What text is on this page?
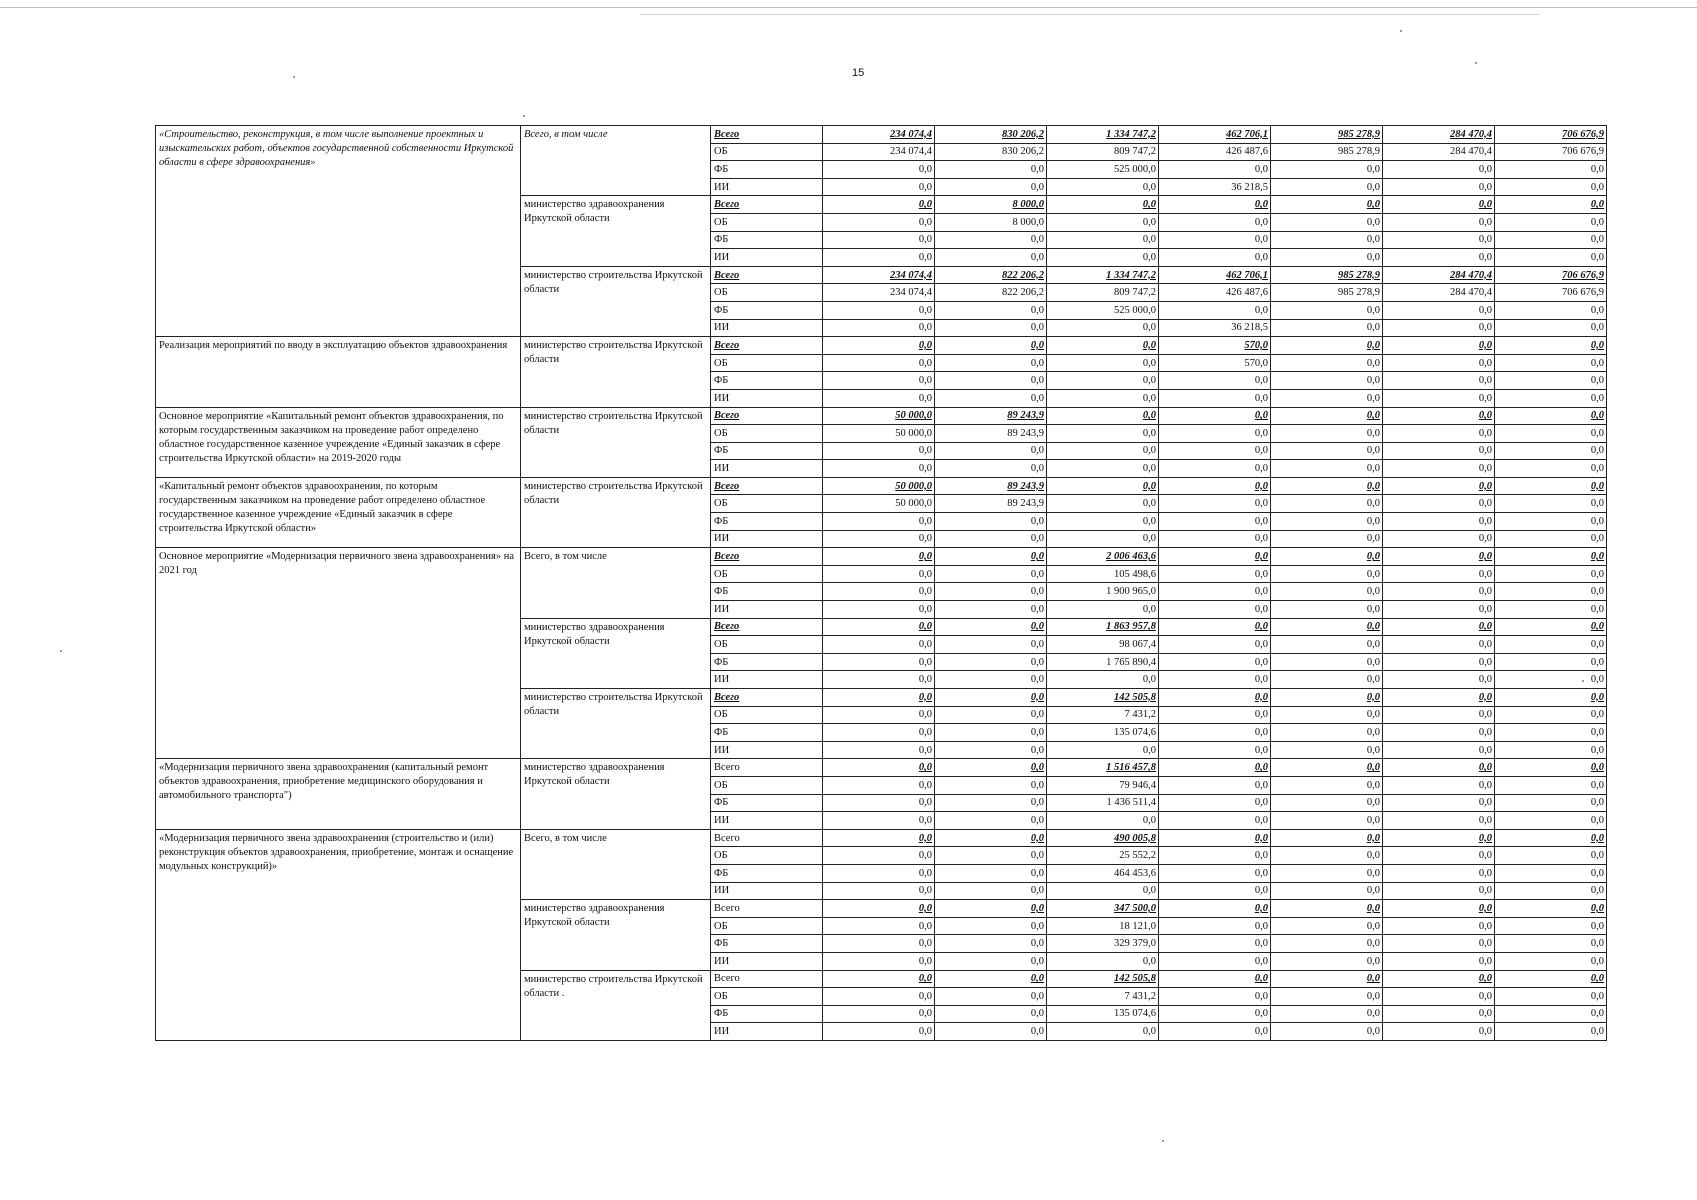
15
«Строительство, реконструкция, в том числе выполнение проектных и изыскательских работ, объектов государственной собственности Иркутской области в сфере здравоохранения»	Всего, в том числе	Всего	234 074,4	830 206,2	1 334 747,2	462 706,1	985 278,9	284 470,4	706 676,9
		ОБ	234 074,4	830 206,2	809 747,2	426 487,6	985 278,9	284 470,4	706 676,9
		ФБ	0,0	0,0	525 000,0	0,0	0,0	0,0	0,0
		ИИ	0,0	0,0	0,0	36 218,5	0,0	0,0	0,0
	министерство здравоохранения Иркутской области	Всего	0,0	8 000,0	0,0	0,0	0,0	0,0	0,0
		ОБ	0,0	8 000,0	0,0	0,0	0,0	0,0	0,0
		ФБ	0,0	0,0	0,0	0,0	0,0	0,0	0,0
		ИИ	0,0	0,0	0,0	0,0	0,0	0,0	0,0
	министерство строительства Иркутской области	Всего	234 074,4	822 206,2	1 334 747,2	462 706,1	985 278,9	284 470,4	706 676,9
		ОБ	234 074,4	822 206,2	809 747,2	426 487,6	985 278,9	284 470,4	706 676,9
		ФБ	0,0	0,0	525 000,0	0,0	0,0	0,0	0,0
		ИИ	0,0	0,0	0,0	36 218,5	0,0	0,0	0,0
Реализация мероприятий по вводу в эксплуатацию объектов здравоохранения	министерство строительства Иркутской области	Всего	0,0	0,0	0,0	570,0	0,0	0,0	0,0
		ОБ	0,0	0,0	0,0	570,0	0,0	0,0	0,0
		ФБ	0,0	0,0	0,0	0,0	0,0	0,0	0,0
		ИИ	0,0	0,0	0,0	0,0	0,0	0,0	0,0
Основное мероприятие «Капитальный ремонт объектов здравоохранения, по которым государственным заказчиком на проведение работ определено областное государственное казенное учреждение «Единый заказчик в сфере строительства Иркутской области» на 2019-2020 годы	министерство строительства Иркутской области	Всего	50 000,0	89 243,9	0,0	0,0	0,0	0,0	0,0
		ОБ	50 000,0	89 243,9	0,0	0,0	0,0	0,0	0,0
		ФБ	0,0	0,0	0,0	0,0	0,0	0,0	0,0
		ИИ	0,0	0,0	0,0	0,0	0,0	0,0	0,0
«Капитальный ремонт объектов здравоохранения, по которым государственным заказчиком на проведение работ определено областное государственное казенное учреждение «Единый заказчик в сфере строительства Иркутской области»	министерство строительства Иркутской области	Всего	50 000,0	89 243,9	0,0	0,0	0,0	0,0	0,0
		ОБ	50 000,0	89 243,9	0,0	0,0	0,0	0,0	0,0
		ФБ	0,0	0,0	0,0	0,0	0,0	0,0	0,0
		ИИ	0,0	0,0	0,0	0,0	0,0	0,0	0,0
Основное мероприятие «Модернизация первичного звена здравоохранения» на 2021 год	Всего, в том числе	Всего	0,0	0,0	2 006 463,6	0,0	0,0	0,0	0,0
		ОБ	0,0	0,0	105 498,6	0,0	0,0	0,0	0,0
		ФБ	0,0	0,0	1 900 965,0	0,0	0,0	0,0	0,0
		ИИ	0,0	0,0	0,0	0,0	0,0	0,0	0,0
	министерство здравоохранения Иркутской области	Всего	0,0	0,0	1 863 957,8	0,0	0,0	0,0	0,0
		ОБ	0,0	0,0	98 067,4	0,0	0,0	0,0	0,0
		ФБ	0,0	0,0	1 765 890,4	0,0	0,0	0,0	0,0
		ИИ	0,0	0,0	0,0	0,0	0,0	0,0	0,0
	министерство строительства Иркутской области	Всего	0,0	0,0	142 505,8	0,0	0,0	0,0	0,0
		ОБ	0,0	0,0	7 431,2	0,0	0,0	0,0	0,0
		ФБ	0,0	0,0	135 074,6	0,0	0,0	0,0	0,0
		ИИ	0,0	0,0	0,0	0,0	0,0	0,0	0,0
«Модернизация первичного звена здравоохранения (капитальный ремонт объектов здравоохранения, приобретение медицинского оборудования и автомобильного транспорта")	министерство здравоохранения Иркутской области	Всего	0,0	0,0	1 516 457,8	0,0	0,0	0,0	0,0
		ОБ	0,0	0,0	79 946,4	0,0	0,0	0,0	0,0
		ФБ	0,0	0,0	1 436 511,4	0,0	0,0	0,0	0,0
		ИИ	0,0	0,0	0,0	0,0	0,0	0,0	0,0
«Модернизация первичного звена здравоохранения (строительство и (или) реконструкция объектов здравоохранения, приобретение, монтаж и оснащение модульных конструкций)»	Всего, в том числе	Всего	0,0	0,0	490 005,8	0,0	0,0	0,0	0,0
		ОБ	0,0	0,0	25 552,2	0,0	0,0	0,0	0,0
		ФБ	0,0	0,0	464 453,6	0,0	0,0	0,0	0,0
		ИИ	0,0	0,0	0,0	0,0	0,0	0,0	0,0
	министерство здравоохранения Иркутской области	Всего	0,0	0,0	347 500,0	0,0	0,0	0,0	0,0
		ОБ	0,0	0,0	18 121,0	0,0	0,0	0,0	0,0
		ФБ	0,0	0,0	329 379,0	0,0	0,0	0,0	0,0
		ИИ	0,0	0,0	0,0	0,0	0,0	0,0	0,0
	министерство строительства Иркутской области .	Всего	0,0	0,0	142 505,8	0,0	0,0	0,0	0,0
		ОБ	0,0	0,0	7 431,2	0,0	0,0	0,0	0,0
		ФБ	0,0	0,0	135 074,6	0,0	0,0	0,0	0,0
		ИИ	0,0	0,0	0,0	0,0	0,0	0,0	0,0
